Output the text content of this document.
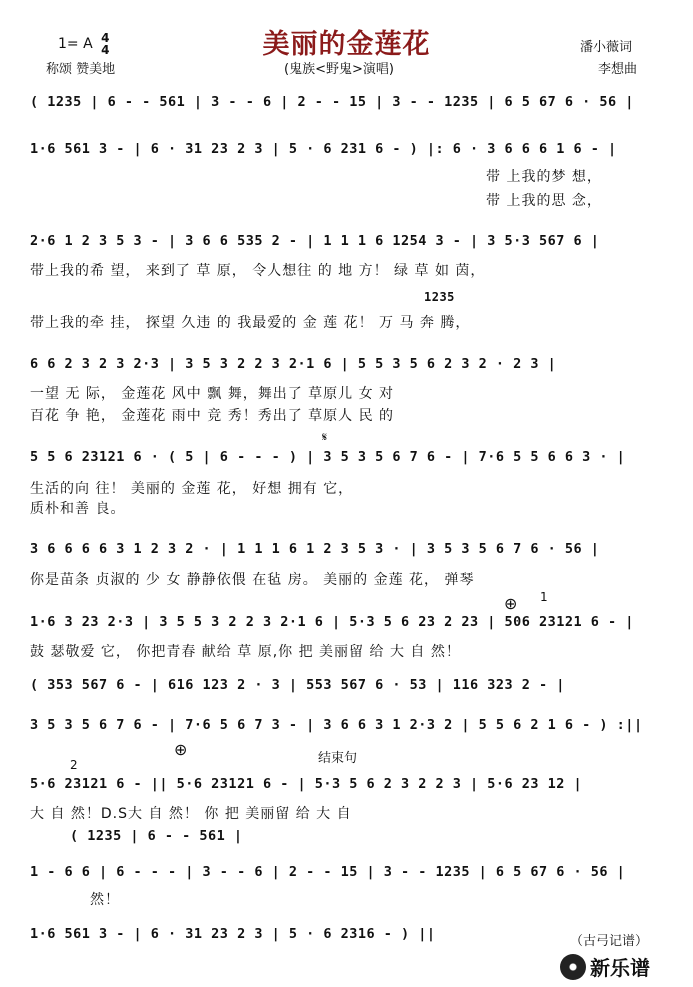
美丽的金莲花
1= A 4
4
称颂 赞美地	(鬼族<野鬼>演唱)
潘小薇词
李想曲
( 1235 | 6 - - 561 | 3 - - 6 | 2 - - 15 | 3 - - 1235 | 6 5 67 6 · 56 |
1·6 561 3 - | 6 · 31 23 2 3 | 5 · 6 231 6 - ) |: 6 · 3 6 6 6 1 6 - |
带 上我的梦 想，
带 上我的思 念，
2·6 1 2 3 5 3 - | 3 6 6 535 2 - | 1 1 1 6 1254 3 - | 3 5·3 567 6 |
带上我的希 望， 来到了 草 原， 令人想往 的 地 方！ 绿 草 如 茵，
1235
带上我的牵 挂， 探望 久违 的 我最爱的 金 莲 花！ 万 马 奔 腾，
6 6 2 3 2 3 2·3 | 3 5 3 2 2 3 2·1 6 | 5 5 3 5 6 2 3 2 · 2 3 |
一望 无 际， 金莲花 风中 飘 舞，舞出了 草原儿 女 对
百花 争 艳， 金莲花 雨中 竞 秀！秀出了 草原人 民 的
𝄋
5 5 6 23121 6 · ( 5 | 6 - - - ) | 3 5 3 5 6 7 6 - | 7·6 5 5 6 6 3 · |
生活的向 往！ 美丽的 金莲 花， 好想 拥有 它，
质朴和善 良。
3 6 6 6 6 3 1 2 3 2 · | 1 1 1 6 1 2 3 5 3 · | 3 5 3 5 6 7 6 · 56 |
你是苗条 贞淑的 少 女 静静依偎 在毡 房。 美丽的 金莲 花， 弹琴
⊕ 1
1·6 3 23 2·3 | 3 5 5 3 2 2 3 2·1 6 | 5·3 5 6 23 2 23 | 506 23121 6 - |
鼓 瑟敬爱 它， 你把青春 献给 草 原,你 把 美丽留 给 大 自 然！
( 353 567 6 - | 616 123 2 · 3 | 553 567 6 · 53 | 116 323 2 - |
3 5 3 5 6 7 6 - | 7·6 5 6 7 3 - | 3 6 6 3 1 2·3 2 | 5 5 6 2 1 6 - ) :||
2
⊕	结束句
5·6 23121 6 - || 5·6 23121 6 - | 5·3 5 6 2 3 2 2 3 | 5·6 23 12 |
大 自 然！D.S大 自 然！ 你 把 美丽留 给 大 自
( 1235 | 6 - - 561 |
1 - 6 6 | 6 - - - | 3 - - 6 | 2 - - 15 | 3 - - 1235 | 6 5 67 6 · 56 |
然！
1·6 561 3 - | 6 · 31 23 2 3 | 5 · 6 2316 - ) ||	（古弓记谱）
新乐谱
